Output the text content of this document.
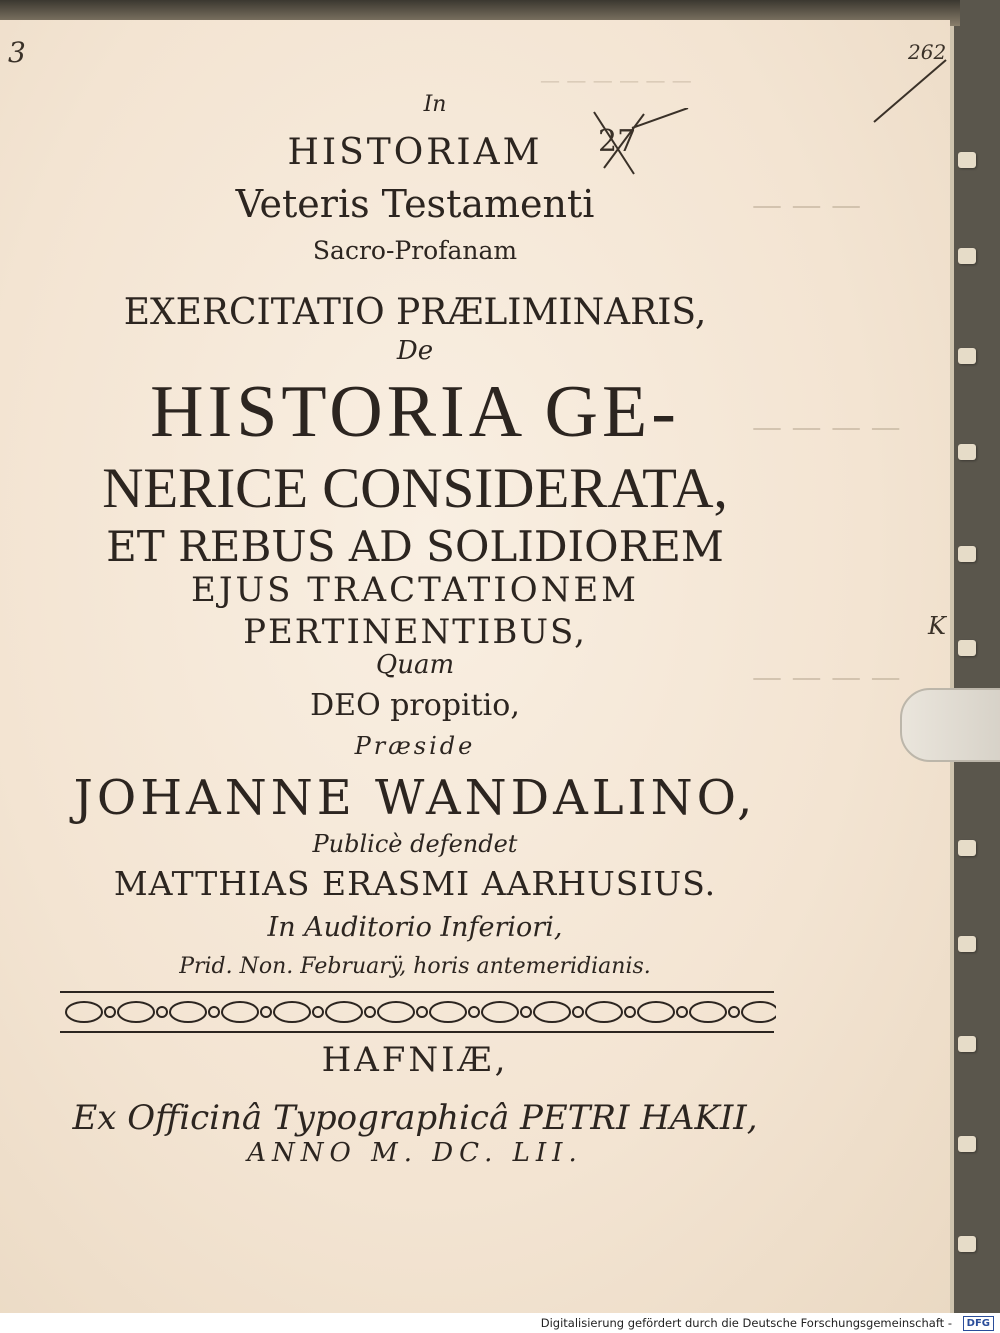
— — — — — —
— — —
— — — —
— — — —
3	262
K
27
In
HISTORIAM
Veteris Testamenti
Sacro-Profanam
EXERCITATIO PRÆLIMINARIS,
De
HISTORIA GE-
NERICE CONSIDERATA,
ET REBUS AD SOLIDIOREM
EJUS TRACTATIONEM
PERTINENTIBUS,
Quam
DEO propitio,
Præside
JOHANNE WANDALINO,
Publicè defendet
MATTHIAS ERASMI AARHUSIUS.
In Auditorio Inferiori,
Prid. Non. Februarÿ, horis antemeridianis.
HAFNIÆ,
Ex Officinâ Typographicâ PETRI HAKII,
ANNO M. DC. LII.
Digitalisierung gefördert durch die Deutsche Forschungsgemeinschaft -	DFG
